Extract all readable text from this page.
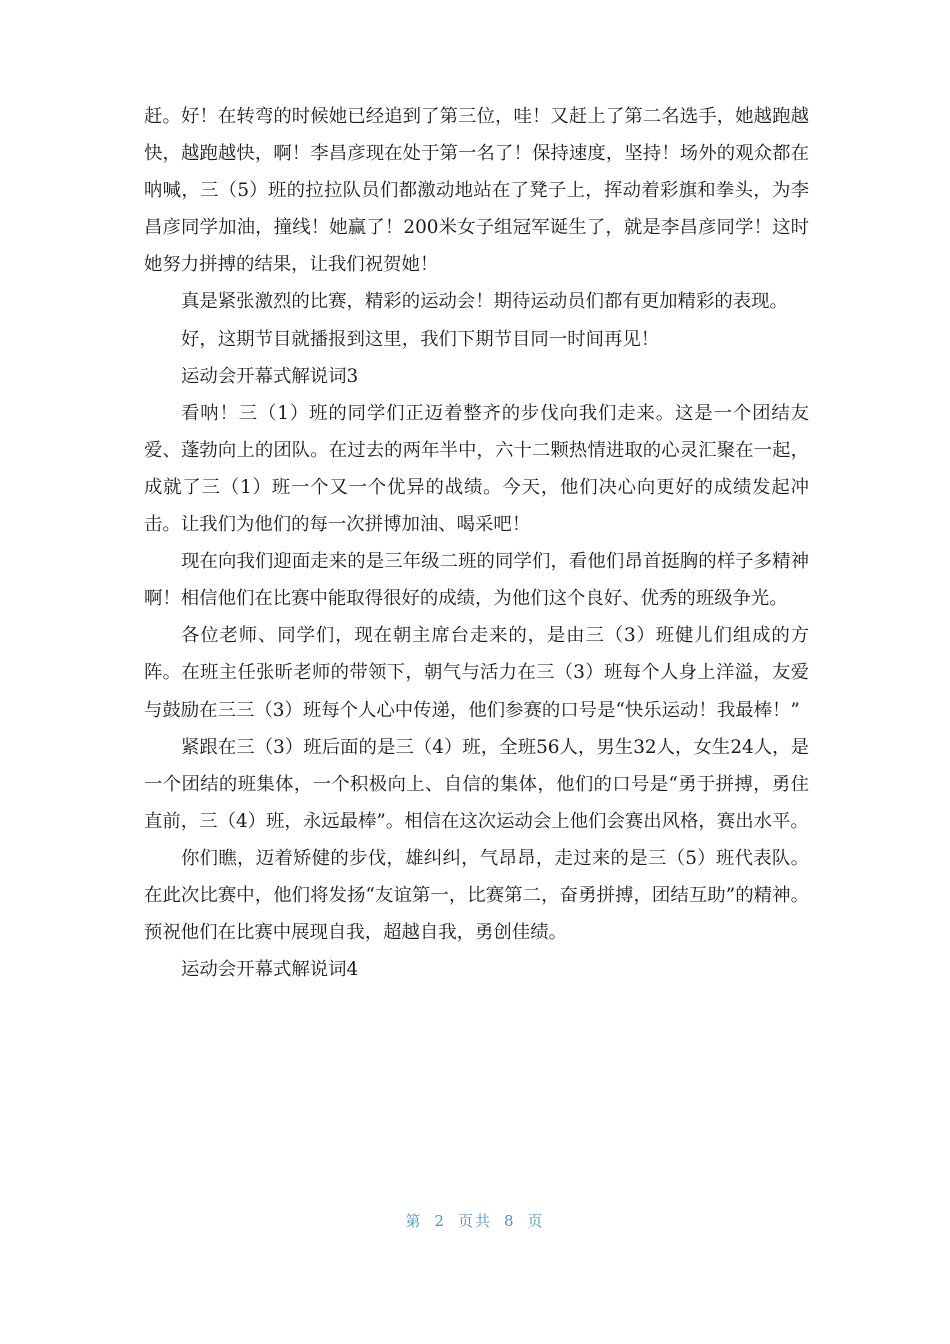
赶。好！在转弯的时候她已经追到了第三位，哇！又赶上了第二名选手，她越跑越快，越跑越快，啊！李昌彦现在处于第一名了！保持速度，坚持！场外的观众都在呐喊，三（5）班的拉拉队员们都激动地站在了凳子上，挥动着彩旗和拳头，为李昌彦同学加油，撞线！她赢了！200米女子组冠军诞生了，就是李昌彦同学！这时她努力拼搏的结果，让我们祝贺她！

真是紧张激烈的比赛，精彩的运动会！期待运动员们都有更加精彩的表现。

好，这期节目就播报到这里，我们下期节目同一时间再见！

运动会开幕式解说词3

看呐！三（1）班的同学们正迈着整齐的步伐向我们走来。这是一个团结友爱、蓬勃向上的团队。在过去的两年半中，六十二颗热情进取的心灵汇聚在一起，成就了三（1）班一个又一个优异的战绩。今天，他们决心向更好的成绩发起冲击。让我们为他们的每一次拼博加油、喝采吧！

现在向我们迎面走来的是三年级二班的同学们，看他们昂首挺胸的样子多精神啊！相信他们在比赛中能取得很好的成绩，为他们这个良好、优秀的班级争光。

各位老师、同学们，现在朝主席台走来的，是由三（3）班健儿们组成的方阵。在班主任张昕老师的带领下，朝气与活力在三（3）班每个人身上洋溢，友爱与鼓励在三三（3）班每个人心中传递，他们参赛的口号是“快乐运动！我最棒！”

紧跟在三（3）班后面的是三（4）班，全班56人，男生32人，女生24人，是一个团结的班集体，一个积极向上、自信的集体，他们的口号是“勇于拼搏，勇住直前，三（4）班，永远最棒”。相信在这次运动会上他们会赛出风格，赛出水平。

你们瞧，迈着矫健的步伐，雄纠纠，气昂昂，走过来的是三（5）班代表队。在此次比赛中，他们将发扬“友谊第一，比赛第二，奋勇拼搏，团结互助”的精神。预祝他们在比赛中展现自我，超越自我，勇创佳绩。

运动会开幕式解说词4

第 2 页共 8 页
